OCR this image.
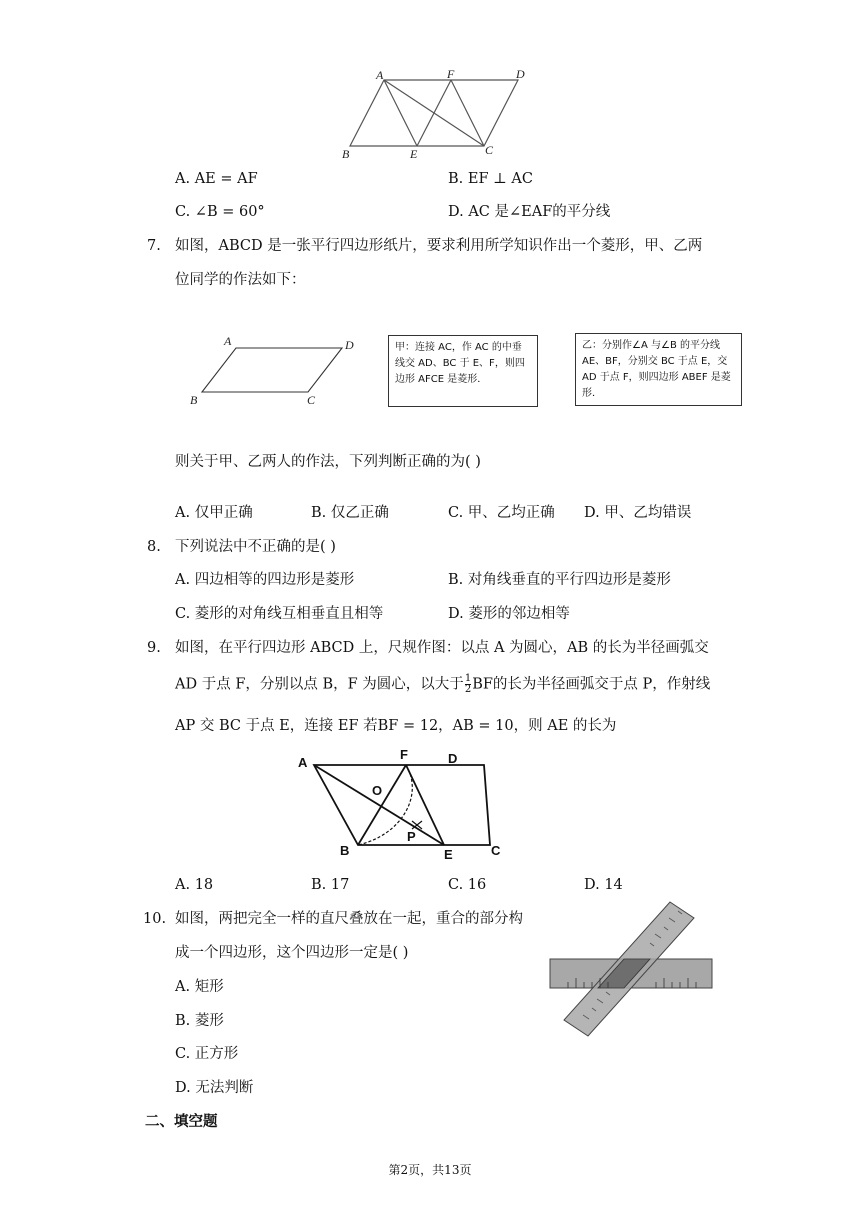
A	F	D
B	E	C
A. AE = AF	B. EF ⊥ AC
C. ∠B = 60°	D. AC 是∠EAF的平分线
7. 如图，ABCD 是一张平行四边形纸片，要求利用所学知识作出一个菱形，甲、乙两
位同学的作法如下：
A	D
B	C
甲：连接 AC，作 AC 的中垂线交 AD、BC 于 E、F，则四边形 AFCE 是菱形．
乙：分别作∠A 与∠B 的平分线 AE、BF，分别交 BC 于点 E，交 AD 于点 F，则四边形 ABEF 是菱形．
则关于甲、乙两人的作法，下列判断正确的为( )
A. 仅甲正确	B. 仅乙正确	C. 甲、乙均正确 D. 甲、乙均错误
8. 下列说法中不正确的是( )
A. 四边相等的四边形是菱形	B. 对角线垂直的平行四边形是菱形
C. 菱形的对角线互相垂直且相等	D. 菱形的邻边相等
9. 如图，在平行四边形 ABCD 上，尺规作图：以点 A 为圆心，AB 的长为半径画弧交
AD 于点 F，分别以点 B，F 为圆心，以大于 $\frac{1}{2}$ BF的长为半径画弧交于点 P，作射线
AP 交 BC 于点 E，连接 EF 若BF = 12，AB = 10，则 AE 的长为
A
F	D
O
P
B	E	C
A. 18	B. 17	C. 16	D. 14
10. 如图，两把完全一样的直尺叠放在一起，重合的部分构
成一个四边形，这个四边形一定是( )
A. 矩形
B. 菱形
C. 正方形
D. 无法判断
二、填空题
第2页，共13页
